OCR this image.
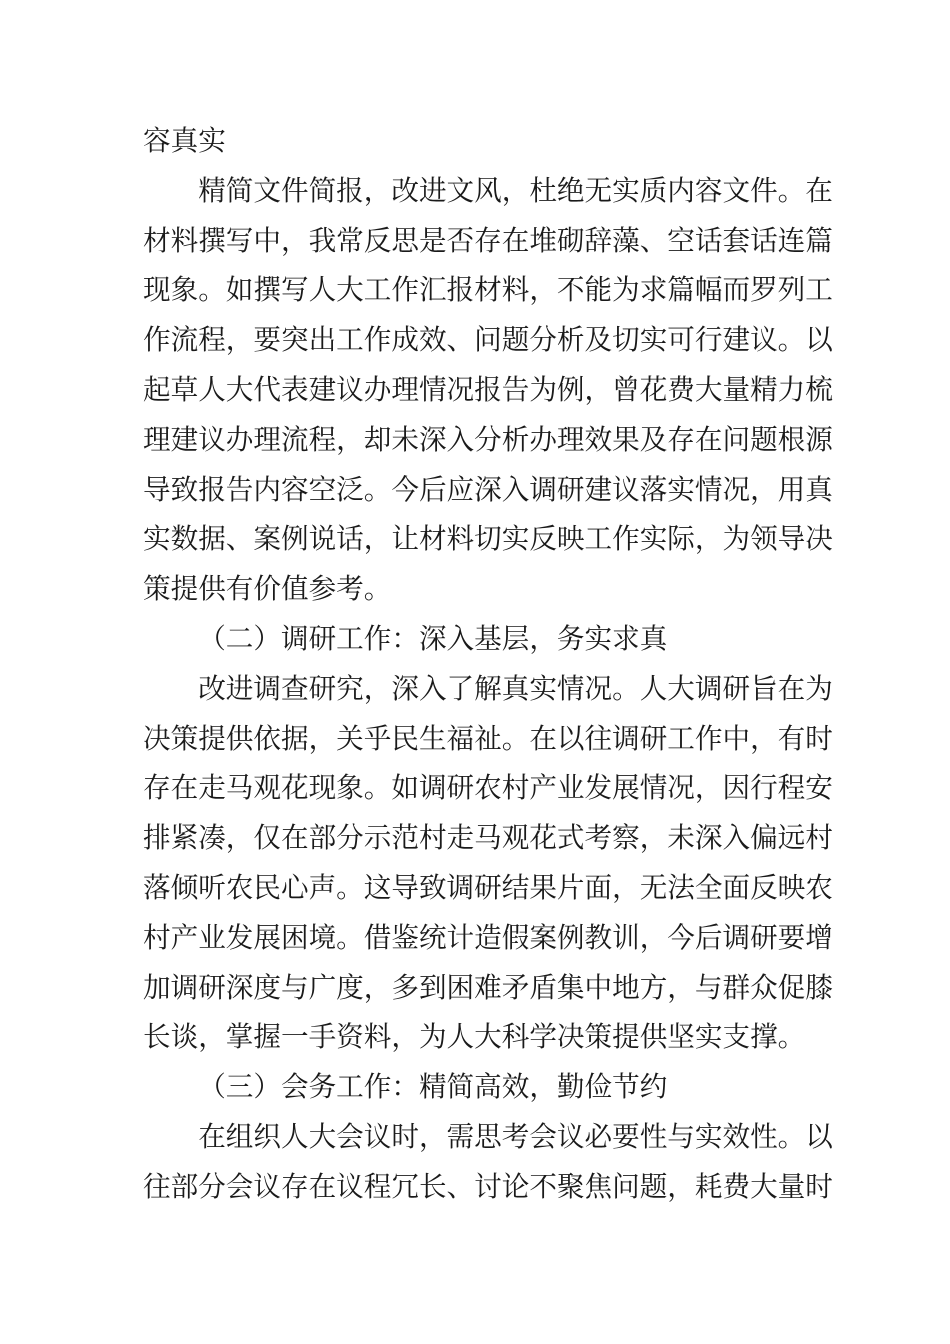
容真实
精简文件简报，改进文风，杜绝无实质内容文件。在
材料撰写中，我常反思是否存在堆砌辞藻、空话套话连篇
现象。如撰写人大工作汇报材料，不能为求篇幅而罗列工
作流程，要突出工作成效、问题分析及切实可行建议。以
起草人大代表建议办理情况报告为例，曾花费大量精力梳
理建议办理流程，却未深入分析办理效果及存在问题根源
导致报告内容空泛。今后应深入调研建议落实情况，用真
实数据、案例说话，让材料切实反映工作实际，为领导决
策提供有价值参考。
（二）调研工作：深入基层，务实求真
改进调查研究，深入了解真实情况。人大调研旨在为
决策提供依据，关乎民生福祉。在以往调研工作中，有时
存在走马观花现象。如调研农村产业发展情况，因行程安
排紧凑，仅在部分示范村走马观花式考察，未深入偏远村
落倾听农民心声。这导致调研结果片面，无法全面反映农
村产业发展困境。借鉴统计造假案例教训，今后调研要增
加调研深度与广度，多到困难矛盾集中地方，与群众促膝
长谈，掌握一手资料，为人大科学决策提供坚实支撑。
（三）会务工作：精简高效，勤俭节约
在组织人大会议时，需思考会议必要性与实效性。以
往部分会议存在议程冗长、讨论不聚焦问题，耗费大量时
